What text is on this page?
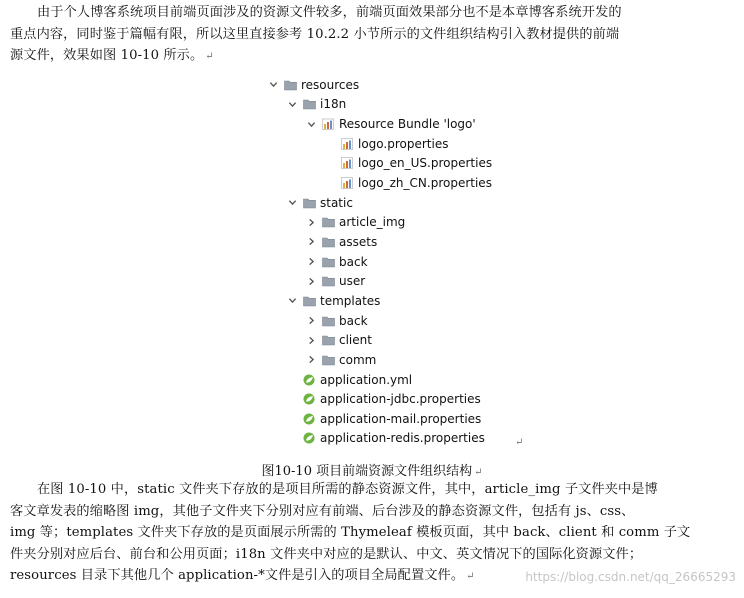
由于个人博客系统项目前端页面涉及的资源文件较多，前端页面效果部分也不是本章博客系统开发的
重点内容，同时鉴于篇幅有限，所以这里直接参考 10.2.2 小节所示的文件组织结构引入教材提供的前端
源文件，效果如图 10-10 所示。 ↵
resources
i18n
Resource Bundle 'logo'
logo.properties
logo_en_US.properties
logo_zh_CN.properties
static
article_img
assets
back
user
templates
back
client
comm
application.yml
application-jdbc.properties
application-mail.properties
application-redis.properties	↵
图10-10 项目前端资源文件组织结构 ↵
在图 10-10 中，static 文件夹下存放的是项目所需的静态资源文件，其中，article_img 子文件夹中是博
客文章发表的缩略图 img，其他子文件夹下分别对应有前端、后台涉及的静态资源文件，包括有 js、css、
img 等；templates 文件夹下存放的是页面展示所需的 Thymeleaf 模板页面，其中 back、client 和 comm 子文
件夹分别对应后台、前台和公用页面；i18n 文件夹中对应的是默认、中文、英文情况下的国际化资源文件；
resources 目录下其他几个 application-*文件是引入的项目全局配置文件。 ↵	https://blog.csdn.net/qq_26665293
